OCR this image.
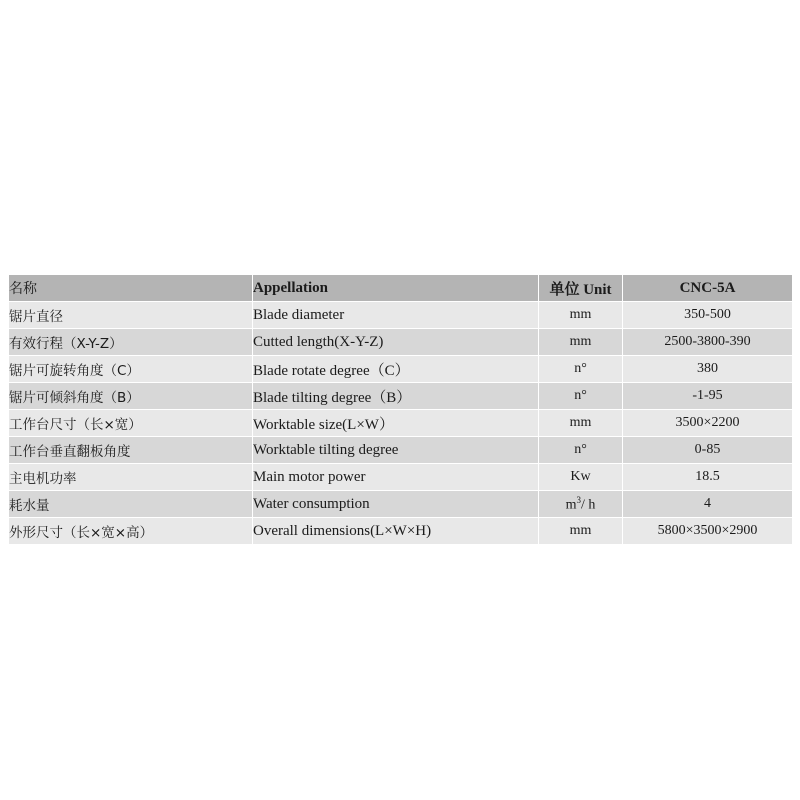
名称	Appellation	单位 Unit	CNC-5A
锯片直径	Blade diameter	mm	350-500
有效行程（X-Y-Z）	Cutted length(X-Y-Z)	mm	2500-3800-390
锯片可旋转角度（C）	Blade rotate degree（C）	n°	380
锯片可倾斜角度（B）	Blade tilting degree（B）	n°	-1-95
工作台尺寸（长×宽）	Worktable size(L×W）	mm	3500×2200
工作台垂直翻板角度	Worktable tilting degree	n°	0-85
主电机功率	Main motor power	Kw	18.5
耗水量	Water consumption	$m^3/$ h	4
外形尺寸（长×宽×高）	Overall dimensions(L×W×H)	mm	5800×3500×2900
